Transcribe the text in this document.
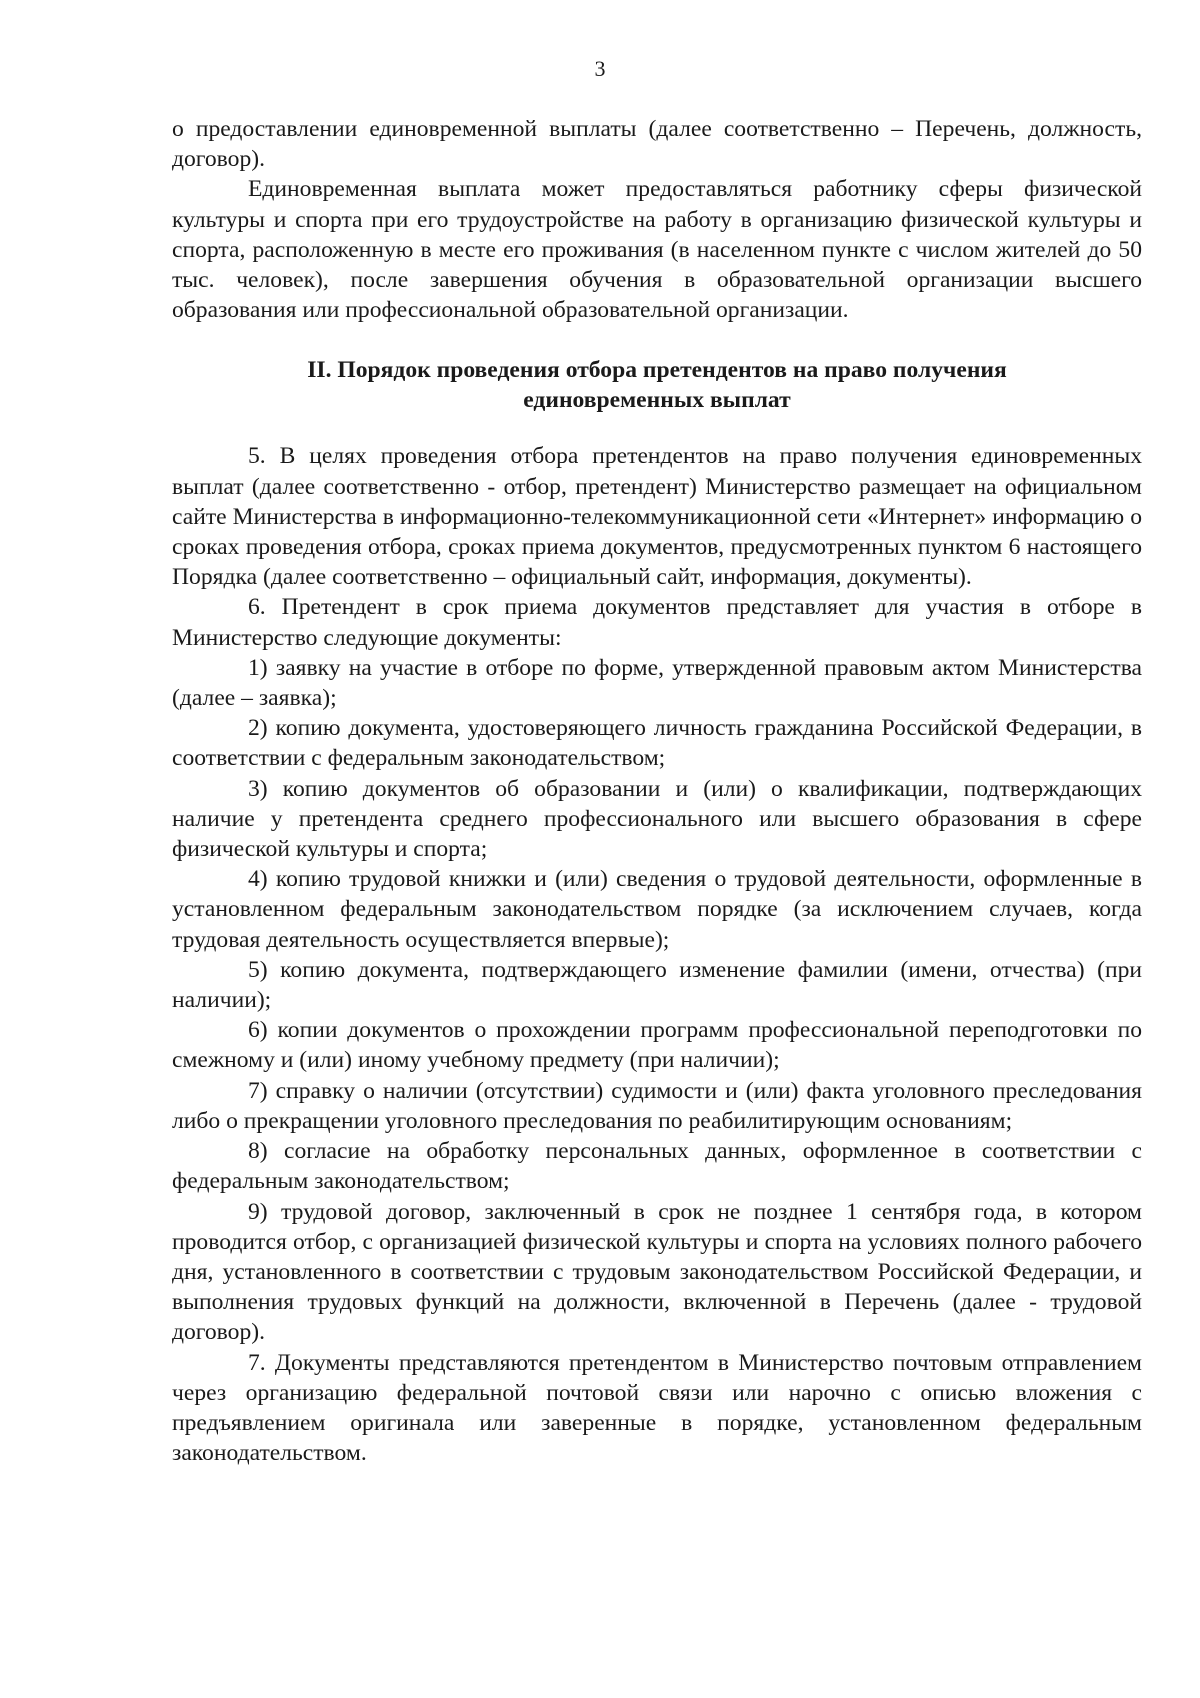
3

о предоставлении единовременной выплаты (далее соответственно – Перечень, должность, договор).

Единовременная выплата может предоставляться работнику сферы физической культуры и спорта при его трудоустройстве на работу в организацию физической культуры и спорта, расположенную в месте его проживания (в населенном пункте с числом жителей до 50 тыс. человек), после завершения обучения в образовательной организации высшего образования или профессиональной образовательной организации.

II. Порядок проведения отбора претендентов на право получения
единовременных выплат

5. В целях проведения отбора претендентов на право получения единовременных выплат (далее соответственно - отбор, претендент) Министерство размещает на официальном сайте Министерства в информационно-телекоммуникационной сети «Интернет» информацию о сроках проведения отбора, сроках приема документов, предусмотренных пунктом 6 настоящего Порядка (далее соответственно – официальный сайт, информация, документы).

6. Претендент в срок приема документов представляет для участия в отборе в Министерство следующие документы:

1) заявку на участие в отборе по форме, утвержденной правовым актом Министерства (далее – заявка);

2) копию документа, удостоверяющего личность гражданина Российской Федерации, в соответствии с федеральным законодательством;

3) копию документов об образовании и (или) о квалификации, подтверждающих наличие у претендента среднего профессионального или высшего образования в сфере физической культуры и спорта;

4) копию трудовой книжки и (или) сведения о трудовой деятельности, оформленные в установленном федеральным законодательством порядке (за исключением случаев, когда трудовая деятельность осуществляется впервые);

5) копию документа, подтверждающего изменение фамилии (имени, отчества) (при наличии);

6) копии документов о прохождении программ профессиональной переподготовки по смежному и (или) иному учебному предмету (при наличии);

7) справку о наличии (отсутствии) судимости и (или) факта уголовного преследования либо о прекращении уголовного преследования по реабилитирующим основаниям;

8) согласие на обработку персональных данных, оформленное в соответствии с федеральным законодательством;

9) трудовой договор, заключенный в срок не позднее 1 сентября года, в котором проводится отбор, с организацией физической культуры и спорта на условиях полного рабочего дня, установленного в соответствии с трудовым законодательством Российской Федерации, и выполнения трудовых функций на должности, включенной в Перечень (далее - трудовой договор).

7. Документы представляются претендентом в Министерство почтовым отправлением через организацию федеральной почтовой связи или нарочно с описью вложения с предъявлением оригинала или заверенные в порядке, установленном федеральным законодательством.
